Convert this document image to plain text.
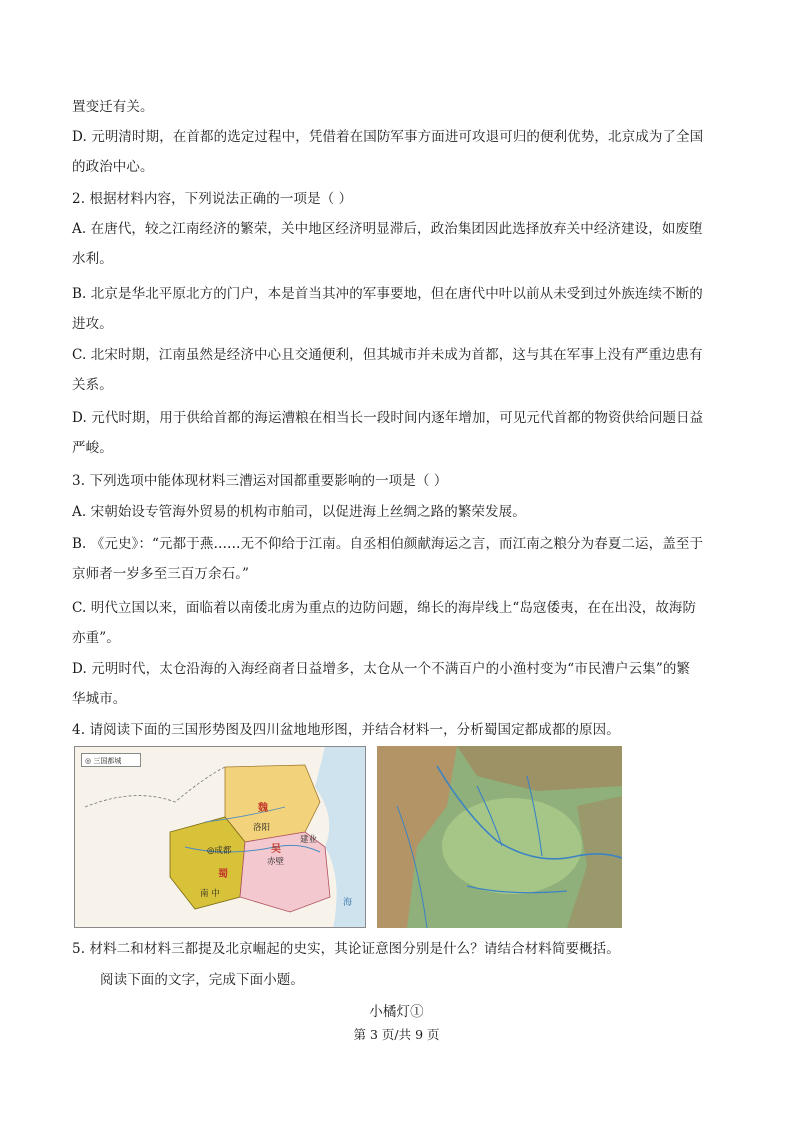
置变迁有关。
D. 元明清时期，在首都的选定过程中，凭借着在国防军事方面进可攻退可归的便利优势，北京成为了全国
的政治中心。
2. 根据材料内容，下列说法正确的一项是（ ）
A. 在唐代，较之江南经济的繁荣，关中地区经济明显滞后，政治集团因此选择放弃关中经济建设，如废堕
水利。
B. 北京是华北平原北方的门户，本是首当其冲的军事要地，但在唐代中叶以前从未受到过外族连续不断的
进攻。
C. 北宋时期，江南虽然是经济中心且交通便利，但其城市并未成为首都，这与其在军事上没有严重边患有
关系。
D. 元代时期，用于供给首都的海运漕粮在相当长一段时间内逐年增加，可见元代首都的物资供给问题日益
严峻。
3. 下列选项中能体现材料三漕运对国都重要影响的一项是（ ）
A. 宋朝始设专管海外贸易的机构市舶司，以促进海上丝绸之路的繁荣发展。
B. 《元史》：“元都于燕……无不仰给于江南。自丞相伯颜献海运之言，而江南之粮分为春夏二运，盖至于
京师者一岁多至三百万余石。”
C. 明代立国以来，面临着以南倭北虏为重点的边防问题，绵长的海岸线上“岛寇倭夷，在在出没，故海防
亦重”。
D. 元明时代，太仓沿海的入海经商者日益增多，太仓从一个不满百户的小渔村变为“市民漕户云集”的繁
华城市。
4. 请阅读下面的三国形势图及四川盆地地形图，并结合材料一，分析蜀国定都成都的原因。
◎ 三国都城
魏
洛阳
建业
◎成都
蜀
吴
赤壁
南 中
海
5. 材料二和材料三都提及北京崛起的史实，其论证意图分别是什么？请结合材料简要概括。
阅读下面的文字，完成下面小题。
小橘灯①
第 3 页/共 9 页
